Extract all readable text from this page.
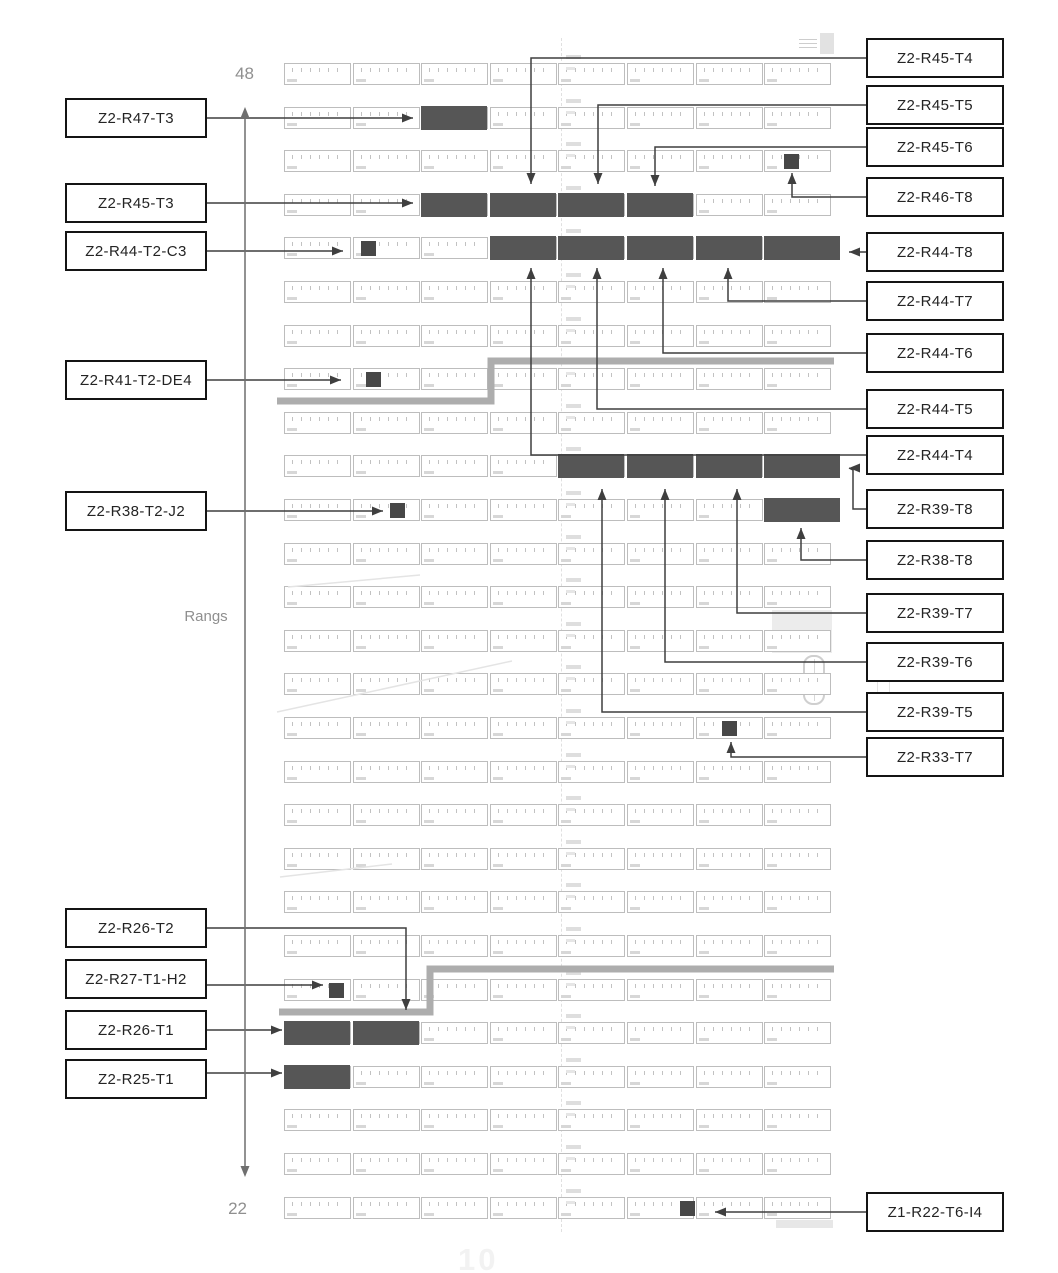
Z2-R47-T3
Z2-R45-T3
Z2-R44-T2-C3
Z2-R41-T2-DE4
Z2-R38-T2-J2
Z2-R26-T2
Z2-R27-T1-H2
Z2-R26-T1
Z2-R25-T1
Z2-R45-T4
Z2-R45-T5
Z2-R45-T6
Z2-R46-T8
Z2-R44-T8
Z2-R44-T7
Z2-R44-T6
Z2-R44-T5
Z2-R44-T4
Z2-R39-T8
Z2-R38-T8
Z2-R39-T7
Z2-R39-T6
Z2-R39-T5
Z2-R33-T7
Z1-R22-T6-I4
48
22
Rangs
10
